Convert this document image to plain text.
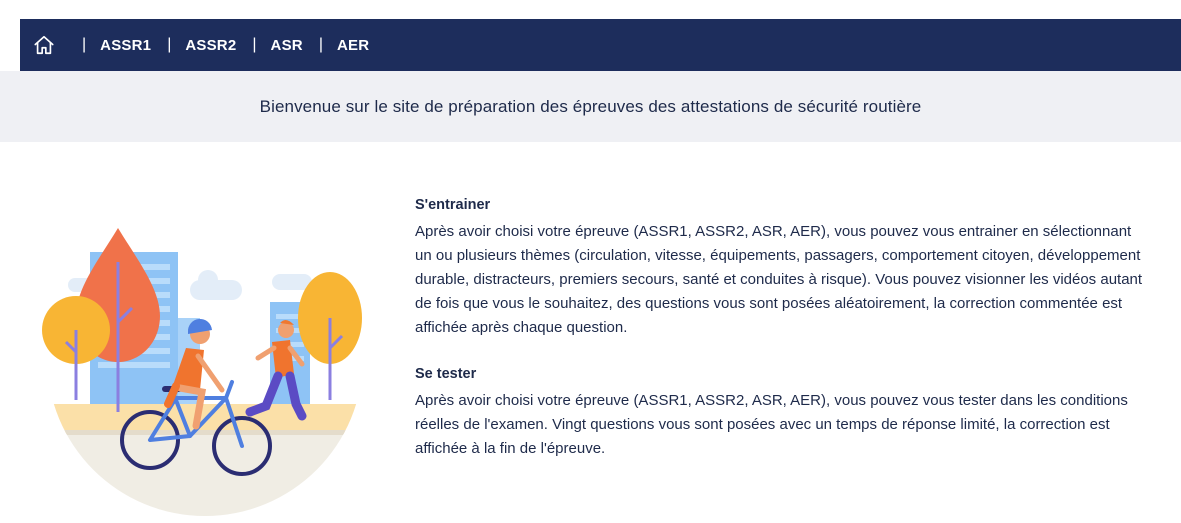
| ASSR1 | ASSR2 | ASR | AER

Bienvenue sur le site de préparation des épreuves des attestations de sécurité routière

S'entrainer

Après avoir choisi votre épreuve (ASSR1, ASSR2, ASR, AER), vous pouvez vous entrainer en sélectionnant un ou plusieurs thèmes (circulation, vitesse, équipements, passagers, comportement citoyen, développement durable, distracteurs, premiers secours, santé et conduites à risque). Vous pouvez visionner les vidéos autant de fois que vous le souhaitez, des questions vous sont posées aléatoirement, la correction commentée est affichée après chaque question.

Se tester

Après avoir choisi votre épreuve (ASSR1, ASSR2, ASR, AER), vous pouvez vous tester dans les conditions réelles de l'examen. Vingt questions vous sont posées avec un temps de réponse limité, la correction est affichée à la fin de l'épreuve.
